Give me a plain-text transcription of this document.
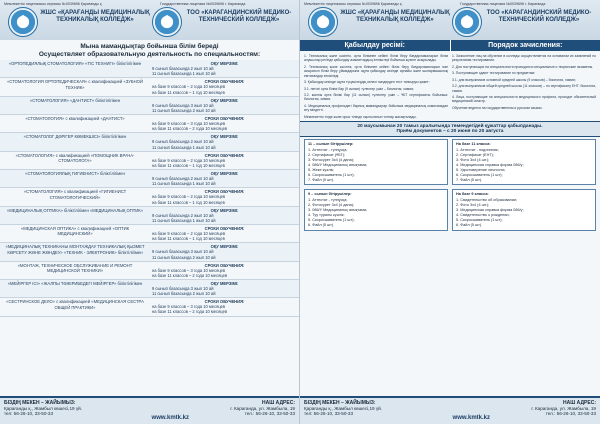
Мемлекеттік лицензиясы сериясы №0039696 Қарағанды қ.	Государственная лицензия №0039696 г. Караганда
✚
ЖШС «ҚАРАҒАНДЫ МЕДИЦИНАЛЫҚ ТЕХНИКАЛЫҚ КОЛЛЕДЖ»
✚
ТОО «КАРАГАНДИНСКИЙ МЕДИКО-ТЕХНИЧЕСКИЙ КОЛЛЕДЖ»
Мына мамандықтар бойынша білім береді
Осуществляет образовательную деятельность по специальностям:
«ОРТОПЕДИЯЛЫҚ СТОМАТОЛОГИЯ» «ТІС ТЕХНИГІ» біліктілігімен	ОҚУ МЕРЗІМІ:
9 сынып базасында 2 жыл 10 ай
11 сынып базасында 1 жыл 10 ай
«СТОМАТОЛОГИЯ ОРТОПЕДИЧЕСКАЯ» с квалификацией «ЗУБНОЙ ТЕХНИК»
СРОКИ ОБУЧЕНИЯ:
на базе 9 классов – 2 года 10 месяцев
на базе 11 классов – 1 год 10 месяцев
«СТОМАТОЛОГИЯ» «ДАНТИСТ» біліктілігімен	ОҚУ МЕРЗІМІ:
9 сынып базасында 3 жыл 10 ай
11 сынып базасында 2 жыл 10 ай
«СТОМАТОЛОГИЯ» с квалификацией «ДАНТИСТ»	СРОКИ ОБУЧЕНИЯ:
на базе 9 классов – 3 года 10 месяцев
на базе 11 классов – 2 года 10 месяцев
«СТОМАТОЛОГ ДӘРІГЕР КӨМЕКШІСІ» біліктілігімен	ОҚУ МЕРЗІМІ:
9 сынып базасында 2 жыл 10 ай
11 сынып базасында 1 жыл 10 ай
«СТОМАТОЛОГИЯ» с квалификацией «ПОМОЩНИК ВРАЧА-СТОМАТОЛОГА»
СРОКИ ОБУЧЕНИЯ:
на базе 9 классов – 2 года 10 месяцев
на базе 11 классов – 1 год 10 месяцев
«СТОМАТОЛОГИЯЛЫҚ ГИГИЕНИСТ» біліктілігімен	ОҚУ МЕРЗІМІ:
9 сынып базасында 2 жыл 10 ай
11 сынып базасында 1 жыл 10 ай
«СТОМАТОЛОГИЯ» с квалификацией «ГИГИЕНИСТ СТОМАТОЛОГИЧЕСКИЙ»
СРОКИ ОБУЧЕНИЯ:
на базе 9 классов – 2 года 10 месяцев
на базе 11 классов – 1 год 10 месяцев
«МЕДИЦИНАЛЫҚ ОПТИКА» біліктілігімен «МЕДИЦИНАЛЫҚ ОПТИК»	ОҚУ МЕРЗІМІ:
9 сынып базасында 2 жыл 10 ай
11 сынып базасында 1 жыл 10 ай
«МЕДИЦИНСКАЯ ОПТИКА» с квалификацией «ОПТИК МЕДИЦИНСКИЙ»
СРОКИ ОБУЧЕНИЯ:
на базе 9 классов – 2 года 10 месяцев
на базе 11 классов – 1 год 10 месяцев
«МЕДИЦИНАЛЫҚ ТЕХНИКАНЫ МОНТАЖДАУ ТЕХНИКАЛЫҚ ҚЫЗМЕТ КӨРСЕТУ ЖӘНЕ ЖӨНДЕУ» «ТЕХНИК - ЭЛЕКТРОНИК» біліктілігімен
ОҚУ МЕРЗІМІ:
9 сынып базасында 3 жыл 10 ай
11 сынып базасында 2 жыл 10 ай
«МОНТАЖ, ТЕХНИЧЕСКОЕ ОБСЛУЖИВАНИЕ И РЕМОНТ МЕДИЦИНСКОЙ ТЕХНИКИ»
СРОКИ ОБУЧЕНИЯ:
на базе 9 классов – 3 года 10 месяцев
на базе 11 классов – 2 года 10 месяцев
«МЕЙІРГЕР ІСІ» «ЖАЛПЫ ТӘЖІРИБЕДЕГІ МЕЙІРГЕР» біліктілігімен	ОҚУ МЕРЗІМІ:
9 сынып базасында 3 жыл 10 ай
11 сынып базасында 2 жыл 10 ай
«СЕСТРИНСКОЕ ДЕЛО» с квалификацией «МЕДИЦИНСКАЯ СЕСТРА ОБЩЕЙ ПРАКТИКИ»
СРОКИ ОБУЧЕНИЯ:
на базе 9 классов – 3 года 10 месяцев
на базе 11 классов – 2 года 10 месяцев
БІЗДІҢ МЕКЕН – ЖАЙЫМЫЗ:
Қарағанды қ., Жамбыл көшесі,19 үй.
тел: 56-26-10, 33-50-33
НАШ АДРЕС:
г. Караганда, ул. Жамбыла, 19
тел.: 56-26-10, 33-50-33
www.kmtk.kz
Мемлекеттік лицензиясы сериясы №0039696 Қарағанды қ.	Государственная лицензия №0039696 г. Караганда
✚
ЖШС «ҚАРАҒАНДЫ МЕДИЦИНАЛЫҚ ТЕХНИКАЛЫҚ КОЛЛЕДЖ»
✚
ТОО «КАРАГАНДИНСКИЙ МЕДИКО-ТЕХНИЧЕСКИЙ КОЛЛЕДЖ»
Қабылдау ресімі:	Порядок зачисления:

1. Техникалық және кәсіптік, орта білімнен кейінгі білім беру бағдарламаларын білім алушылар ретінде қабылдау азаматтардың өтініштері бойынша жүзеге асырылады.

2. Техникалық және кәсіптік, орта білімнен кейінгі білім беру бағдарламаларын іске асыратын білім беру ұйымдарына оқуға қабылдау кезінде арнайы және шығармашылық емтихандар өткізіледі.

3. Қабылдау кезінде оқуға түсушілердің келесі пәндерден тест тапсыруы қажет:

3.1. негізгі орта білімі бар (9 сынып) түлектер үшін – биология, химия;

3.2. жалпы орта білімі бар (11 сынып) түлектер үшін – ҰБТ сертификаты бойынша: биология, химия.

4. Медициналық профильдегі барлық мамандықтар бойынша медициналық комиссиядан өту міндетті.

Мемлекеттік тілде және орыс тілінде оқытылатын топтар жасақталады.

1. Зачисление лиц на обучение в колледж осуществляется на основании их заявлений по результатам тестирования.

2. Для поступающих на специальности проводятся специальные и творческие экзамены.

3. Поступающие сдают тестирование по предметам:

3.1. для выпускников основной средней школы (9 классов) – биология, химия;

3.2. для выпускников общей средней школы (11 классов) – по сертификату ЕНТ: биология, химия.

4. Лица, поступающие на специальности медицинского профиля, проходят обязательный медицинский осмотр.

Обучение ведется на государственном и русском языках.

20 маусымынан 20 тамыз аралығында төмендегідей құжаттар қабылданады.
Приём документов – с 20 июня по 20 августа
11 – сынып бітірушілер:
1. Аттестат - түпнұсқа;
2. Сертификат (ҰБТ);
3. Фотосурет 3х4 (4 дана);
4. 086/У Медициналық анықтама;
5. Жеке куәлік;
6. Скоросшиватель (1 шт);
7. Файл (5 шт).
На базе 11 класса:
1. Аттестат - подлинник;
2. Сертификат (ЕНТ);
3. Фото 3х4 (4 шт.);
4. Медицинская справка форма 086/у;
5. Удостоверение личности;
6. Скоросшиватель (1 шт);
7. Файл (5 шт).
9 – сынып бітірушілер:
1. Аттестат - түпнұсқа;
2. Фотосурет 3х4 (4 дана);
3. 086/У Медициналық анықтама;
4. Туу туралы куәлік;
5. Скоросшиватель (1 шт);
6. Файл (5 шт).
На базе 9 класса:
1. Свидетельство об образовании;
2. Фото 3х4 (4 шт.);
3. Медицинская справка форма 086/у;
4. Свидетельство о рождении;
5. Скоросшиватель (1 шт);
6. Файл (5 шт).
БІЗДІҢ МЕКЕН – ЖАЙЫМЫЗ:
Қарағанды қ., Жамбыл көшесі,19 үй.
тел: 56-26-10, 33-50-33
НАШ АДРЕС:
г. Караганда, ул. Жамбыла, 19
тел.: 56-26-10, 33-50-33
www.kmtk.kz
